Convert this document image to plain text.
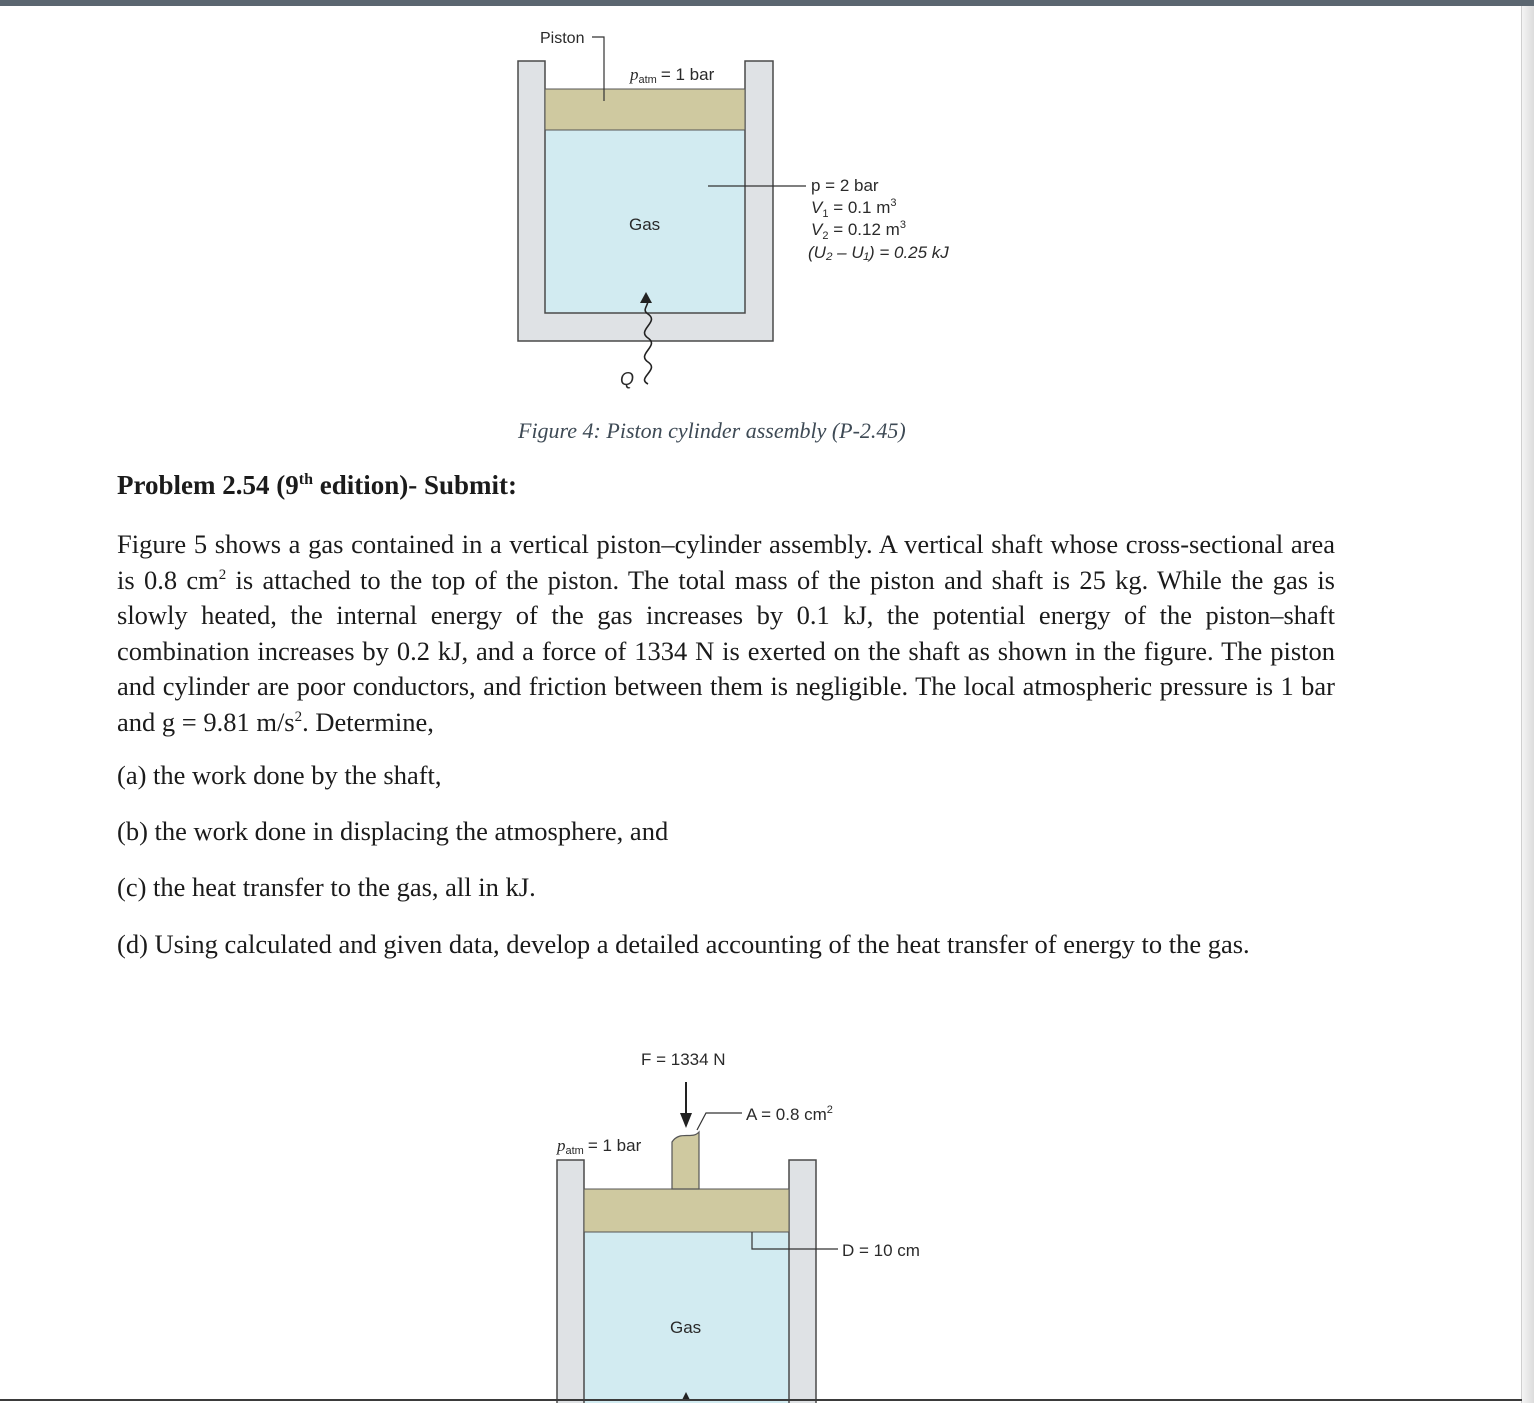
Piston
patm = 1 bar
Gas
p = 2 bar
$V_1 = 0.1$ $m^3$
$V_2 = 0.12$ $m^3$
(U₂ – U₁) = 0.25 kJ
Q
F = 1334 N
A = 0.8 $cm^2$
patm = 1 bar
D = 10 cm
Gas
Figure 4: Piston cylinder assembly (P-2.45)
Problem 2.54 (9th edition)- Submit:
Figure 5 shows a gas contained in a vertical piston–cylinder assembly. A vertical shaft whose cross-sectional area is 0.8 $cm^2$ is attached to the top of the piston. The total mass of the piston and shaft is 25 kg. While the gas is slowly heated, the internal energy of the gas increases by 0.1 kJ, the potential energy of the piston–shaft combination increases by 0.2 kJ, and a force of 1334 N is exerted on the shaft as shown in the figure. The piston and cylinder are poor conductors, and friction between them is negligible. The local atmospheric pressure is 1 bar and g = 9.81 $m/s^2$. Determine,
(a) the work done by the shaft,
(b) the work done in displacing the atmosphere, and
(c) the heat transfer to the gas, all in kJ.
(d) Using calculated and given data, develop a detailed accounting of the heat transfer of energy to the gas.
